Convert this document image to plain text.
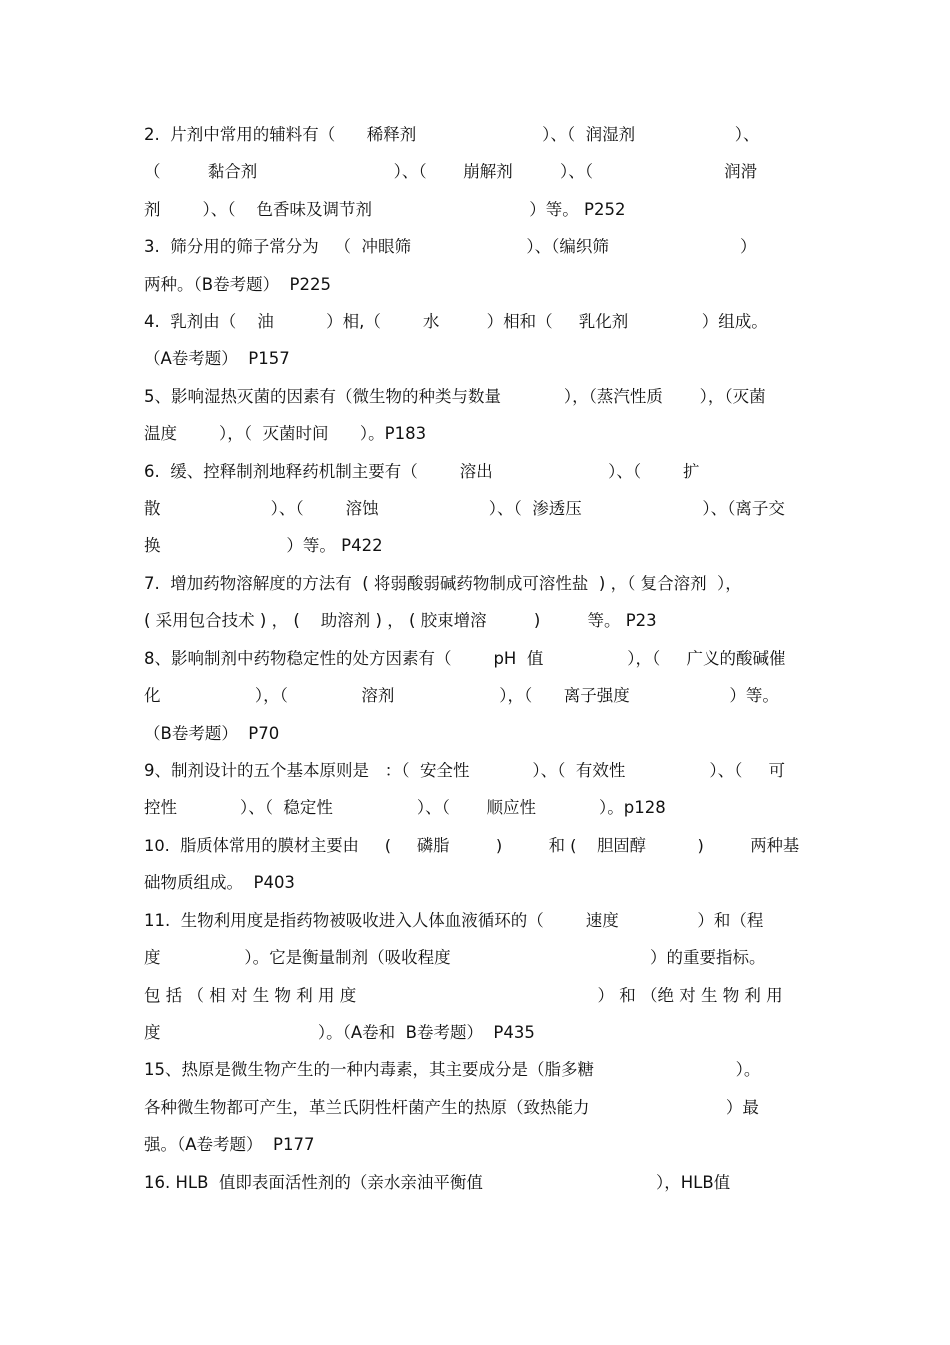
2.  片剂中常用的辅料有（      稀释剂                        ）、（  润湿剂                   ）、
（         黏合剂                          ）、（       崩解剂         ）、（                         润滑
剂        ）、（    色香味及调节剂                              ）等。 P252
3.  筛分用的筛子常分为   （  冲眼筛                      ）、（编织筛                         ）
两种。（B卷考题）  P225
4.  乳剂由（    油          ）相,（        水         ）相和（     乳化剂              ）组成。
（A卷考题）  P157
5、影响湿热灭菌的因素有（微生物的种类与数量            ），（蒸汽性质       ），（灭菌
温度        ），（  灭菌时间      ）。P183
6.  缓、控释制剂地释药机制主要有（        溶出                      ）、（        扩
散                     ）、（        溶蚀                     ）、（  渗透压                       ）、（离子交
换                        ）等。 P422
7.  增加药物溶解度的方法有  ( 将弱酸弱碱药物制成可溶性盐  ) ，（ 复合溶剂  ），
( 采用包合技术 ) ， (    助溶剂 ) ， ( 胶束增溶         )         等。 P23
8、影响制剂中药物稳定性的处方因素有（        pH  值                ），（     广义的酸碱催
化                  ），（              溶剂                    ），（      离子强度                   ）等。
（B卷考题）  P70
9、制剂设计的五个基本原则是   ：（  安全性            ）、（  有效性                ）、（     可
控性            ）、（  稳定性                ）、（       顺应性            ）。p128
10.  脂质体常用的膜材主要由     (     磷脂         )         和 (    胆固醇          )         两种基
础物质组成。  P403
11.  生物利用度是指药物被吸收进入人体血液循环的（        速度               ）和（程
度                ）。它是衡量制剂（吸收程度                                      ）的重要指标。
包 括 （ 相 对 生 物 利 用 度                                              ） 和 （绝 对 生 物 利 用
度                              ）。（A卷和  B卷考题）  P435
15、热原是微生物产生的一种内毒素，其主要成分是（脂多糖                           ）。
各种微生物都可产生，革兰氏阴性杆菌产生的热原（致热能力                          ）最
强。（A卷考题）  P177
16. HLB  值即表面活性剂的（亲水亲油平衡值                                 ），HLB值
